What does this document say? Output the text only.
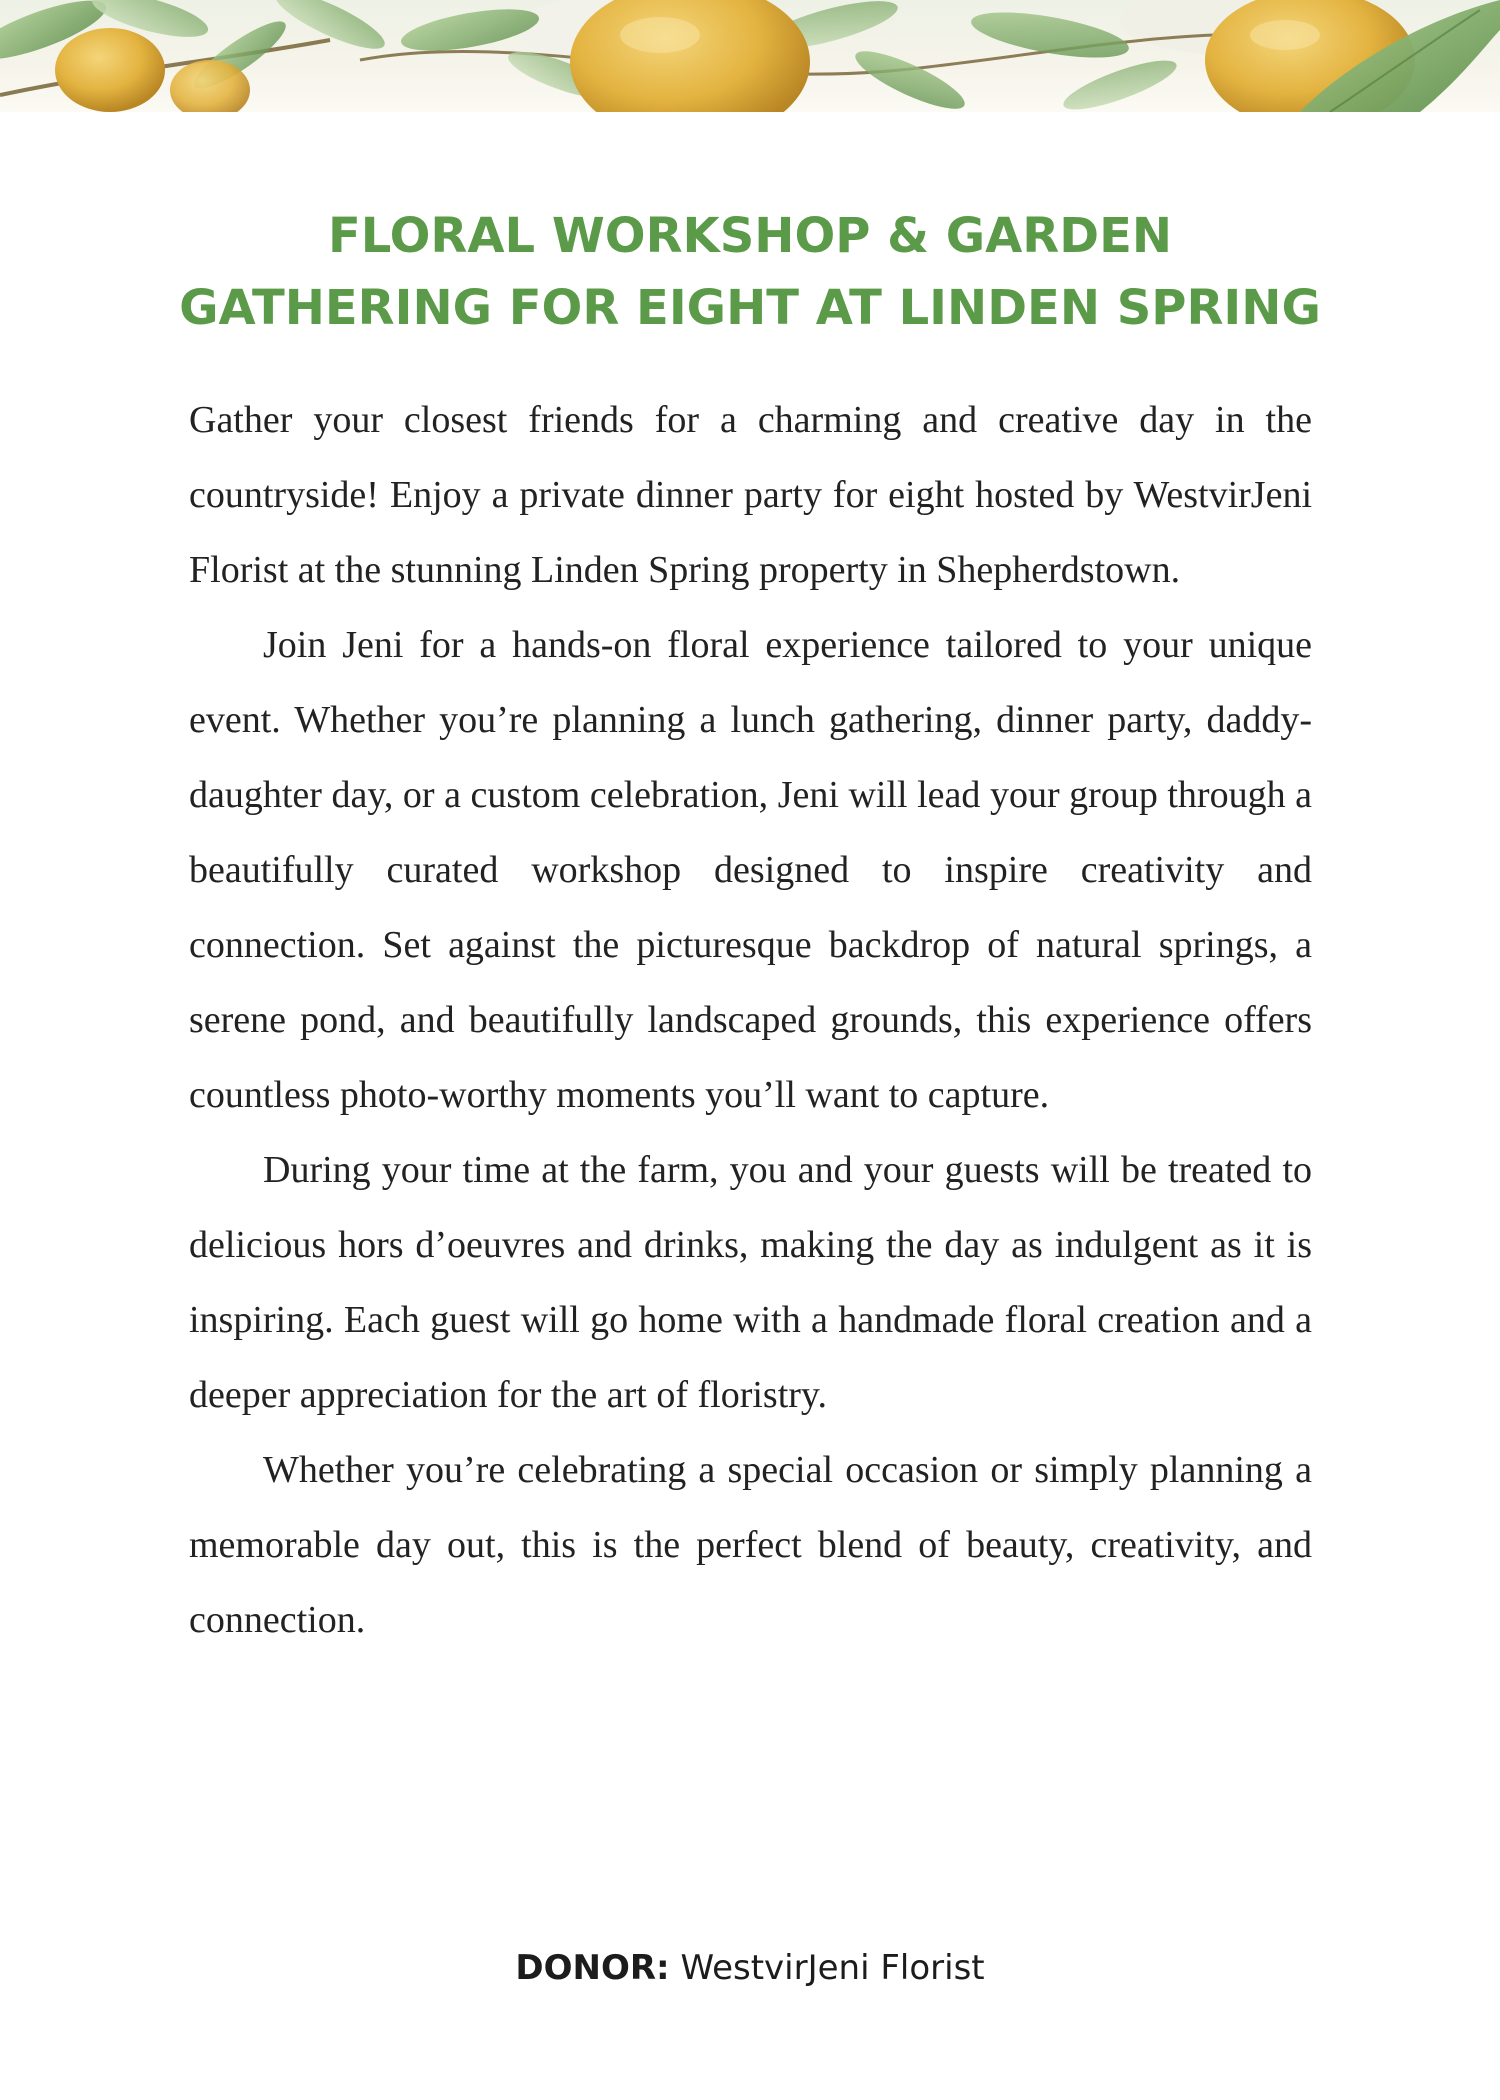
FLORAL WORKSHOP & GARDEN
GATHERING FOR EIGHT AT LINDEN SPRING

Gather your closest friends for a charming and creative day in the countryside! Enjoy a private dinner party for eight hosted by WestvirJeni Florist at the stunning Linden Spring property in Shepherdstown.

Join Jeni for a hands-on floral experience tailored to your unique event. Whether you’re planning a lunch gathering, dinner party, daddy-daughter day, or a custom celebration, Jeni will lead your group through a beautifully curated workshop designed to inspire creativity and connection. Set against the picturesque backdrop of natural springs, a serene pond, and beautifully landscaped grounds, this experience offers countless photo-worthy moments you’ll want to capture.

During your time at the farm, you and your guests will be treated to delicious hors d’oeuvres and drinks, making the day as indulgent as it is inspiring. Each guest will go home with a handmade floral creation and a deeper appreciation for the art of floristry.

Whether you’re celebrating a special occasion or simply planning a memorable day out, this is the perfect blend of beauty, creativity, and connection.

DONOR: WestvirJeni Florist
